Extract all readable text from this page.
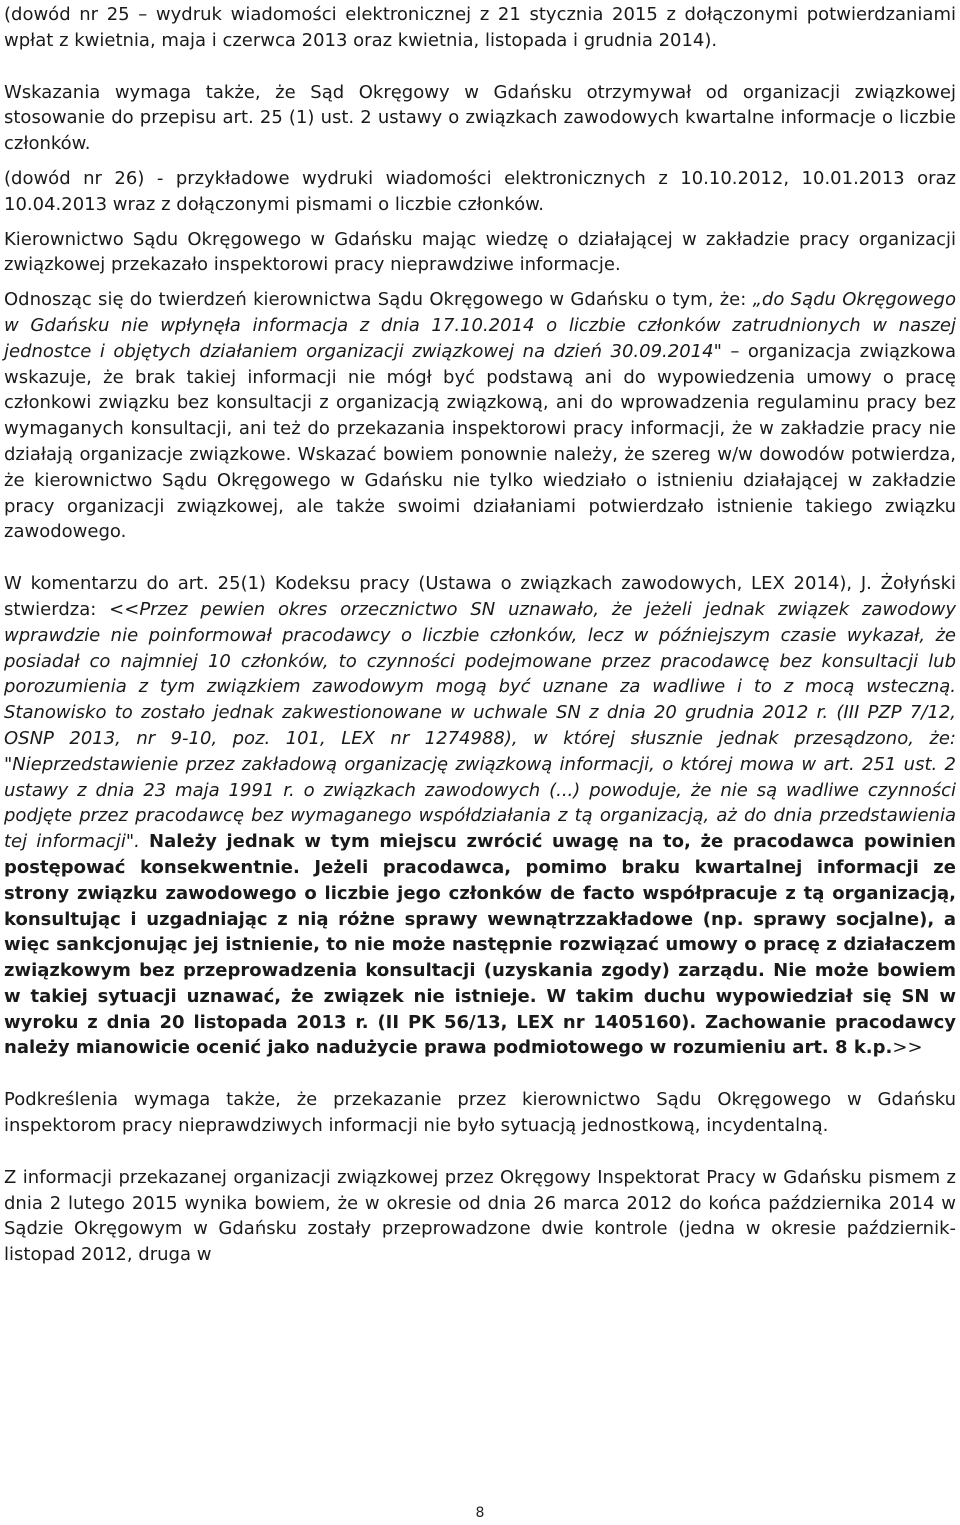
(dowód nr 25 – wydruk wiadomości elektronicznej z 21 stycznia 2015 z dołączonymi potwierdzaniami wpłat z kwietnia, maja i czerwca 2013 oraz kwietnia, listopada i grudnia 2014).

Wskazania wymaga także, że Sąd Okręgowy w Gdańsku otrzymywał od organizacji związkowej stosowanie do przepisu art. 25 (1) ust. 2 ustawy o związkach zawodowych kwartalne informacje o liczbie członków.

(dowód nr 26) - przykładowe wydruki wiadomości elektronicznych z 10.10.2012, 10.01.2013 oraz 10.04.2013 wraz z dołączonymi pismami o liczbie członków.

Kierownictwo Sądu Okręgowego w Gdańsku mając wiedzę o działającej w zakładzie pracy organizacji związkowej przekazało inspektorowi pracy nieprawdziwe informacje.

Odnosząc się do twierdzeń kierownictwa Sądu Okręgowego w Gdańsku o tym, że: „do Sądu Okręgowego w Gdańsku nie wpłynęła informacja z dnia 17.10.2014 o liczbie członków zatrudnionych w naszej jednostce i objętych działaniem organizacji związkowej na dzień 30.09.2014" – organizacja związkowa wskazuje, że brak takiej informacji nie mógł być podstawą ani do wypowiedzenia umowy o pracę członkowi związku bez konsultacji z organizacją związkową, ani do wprowadzenia regulaminu pracy bez wymaganych konsultacji, ani też do przekazania inspektorowi pracy informacji, że w zakładzie pracy nie działają organizacje związkowe. Wskazać bowiem ponownie należy, że szereg w/w dowodów potwierdza, że kierownictwo Sądu Okręgowego w Gdańsku nie tylko wiedziało o istnieniu działającej w zakładzie pracy organizacji związkowej, ale także swoimi działaniami potwierdzało istnienie takiego związku zawodowego.

W komentarzu do art. 25(1) Kodeksu pracy (Ustawa o związkach zawodowych, LEX 2014), J. Żołyński stwierdza: <<Przez pewien okres orzecznictwo SN uznawało, że jeżeli jednak związek zawodowy wprawdzie nie poinformował pracodawcy o liczbie członków, lecz w późniejszym czasie wykazał, że posiadał co najmniej 10 członków, to czynności podejmowane przez pracodawcę bez konsultacji lub porozumienia z tym związkiem zawodowym mogą być uznane za wadliwe i to z mocą wsteczną. Stanowisko to zostało jednak zakwestionowane w uchwale SN z dnia 20 grudnia 2012 r. (III PZP 7/12, OSNP 2013, nr 9-10, poz. 101, LEX nr 1274988), w której słusznie jednak przesądzono, że: "Nieprzedstawienie przez zakładową organizację związkową informacji, o której mowa w art. 251 ust. 2 ustawy z dnia 23 maja 1991 r. o związkach zawodowych (...) powoduje, że nie są wadliwe czynności podjęte przez pracodawcę bez wymaganego współdziałania z tą organizacją, aż do dnia przedstawienia tej informacji". Należy jednak w tym miejscu zwrócić uwagę na to, że pracodawca powinien postępować konsekwentnie. Jeżeli pracodawca, pomimo braku kwartalnej informacji ze strony związku zawodowego o liczbie jego członków de facto współpracuje z tą organizacją, konsultując i uzgadniając z nią różne sprawy wewnątrzzakładowe (np. sprawy socjalne), a więc sankcjonując jej istnienie, to nie może następnie rozwiązać umowy o pracę z działaczem związkowym bez przeprowadzenia konsultacji (uzyskania zgody) zarządu. Nie może bowiem w takiej sytuacji uznawać, że związek nie istnieje. W takim duchu wypowiedział się SN w wyroku z dnia 20 listopada 2013 r. (II PK 56/13, LEX nr 1405160). Zachowanie pracodawcy należy mianowicie ocenić jako nadużycie prawa podmiotowego w rozumieniu art. 8 k.p.>>

Podkreślenia wymaga także, że przekazanie przez kierownictwo Sądu Okręgowego w Gdańsku inspektorom pracy nieprawdziwych informacji nie było sytuacją jednostkową, incydentalną.

Z informacji przekazanej organizacji związkowej przez Okręgowy Inspektorat Pracy w Gdańsku pismem z dnia 2 lutego 2015 wynika bowiem, że w okresie od dnia 26 marca 2012 do końca października 2014 w Sądzie Okręgowym w Gdańsku zostały przeprowadzone dwie kontrole (jedna w okresie październik-listopad 2012, druga w

8
